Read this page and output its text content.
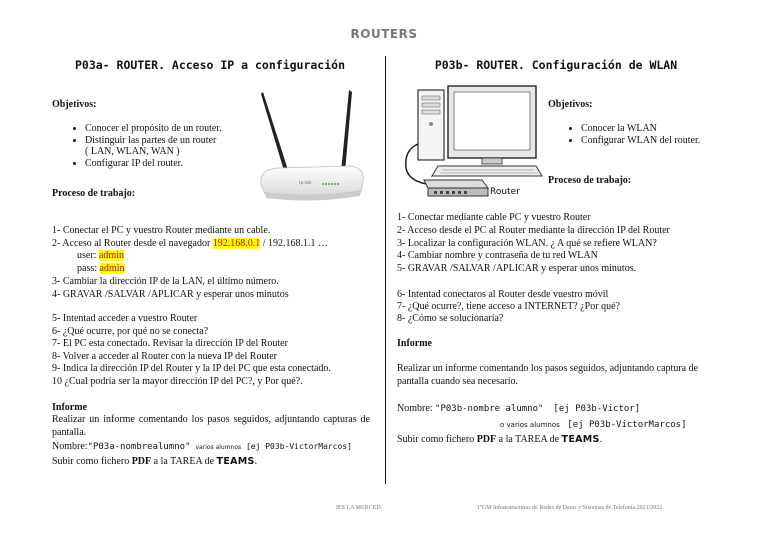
ROUTERS
P03a- ROUTER. Acceso IP a configuración	P03b- ROUTER. Configuración de WLAN
Objetivos:
• Conocer el propósito de un router.
• Distinguir las partes de un router
( LAN, WLAN, WAN )
• Configurar IP del router.
tp-link
Proceso de trabajo:
1- Conectar el PC y vuestro Router mediante un cable.
2- Acceso al Router desde el navegador 192.168.0.1 / 192.168.1.1 …
user: admin
pass: admin
3- Cambiar la dirección IP de la LAN, el último número.
4- GRAVAR /SALVAR /APLICAR y esperar unos minutos
5- Intentad acceder a vuestro Router
6- ¿Qué ocurre, por qué no se conecta?
7- El PC esta conectado. Revisar la dirección IP del Router
8- Volver a acceder al Router con la nueva IP del Router
9- Indica la dirección IP del Router y la IP del PC que esta conectado.
10 ¿Cual podría ser la mayor dirección IP del PC?, y Por qué?.
Informe
Realizar un informe comentando los pasos seguidos, adjuntando capturas de pantalla.
Nombre:"P03a-nombrealumno" varios alumnos [ej P03b-VictorMarcos]
Subir como fichero PDF a la TAREA de TEAMS.
Router
Objetivos:
• Conocer la WLAN
• Configurar WLAN del router.
Proceso de trabajo:
1- Conectar mediante cable PC y vuestro Router
2- Acceso desde el PC al Router mediante la dirección IP del Router
3- Localizar la configuración WLAN. ¿ A qué se refiere WLAN?
4- Cambiar nombre y contraseña de tu red WLAN
5- GRAVAR /SALVAR /APLICAR y esperar unos minutos.
6- Intentad conectaros al Router desde vuestro móvil
7- ¿Qué ocurre?, tiene acceso a INTERNET? ¿Por qué?
8- ¿Cómo se solucionaría?
Informe
Realizar un informe comentando los pasos seguidos, adjuntando captura de pantalla cuando sea necesario.
Nombre: "P03b-nombre alumno" [ej P03b-Victor]
o varios alumnos [ej P03b-VictorMarcos]
Subir como fichero PDF a la TAREA de TEAMS.
IES LA MERCED.	1ºGM Infraestructuras de Redes de Datos y Sistemas de Telefonía 2021/2022
